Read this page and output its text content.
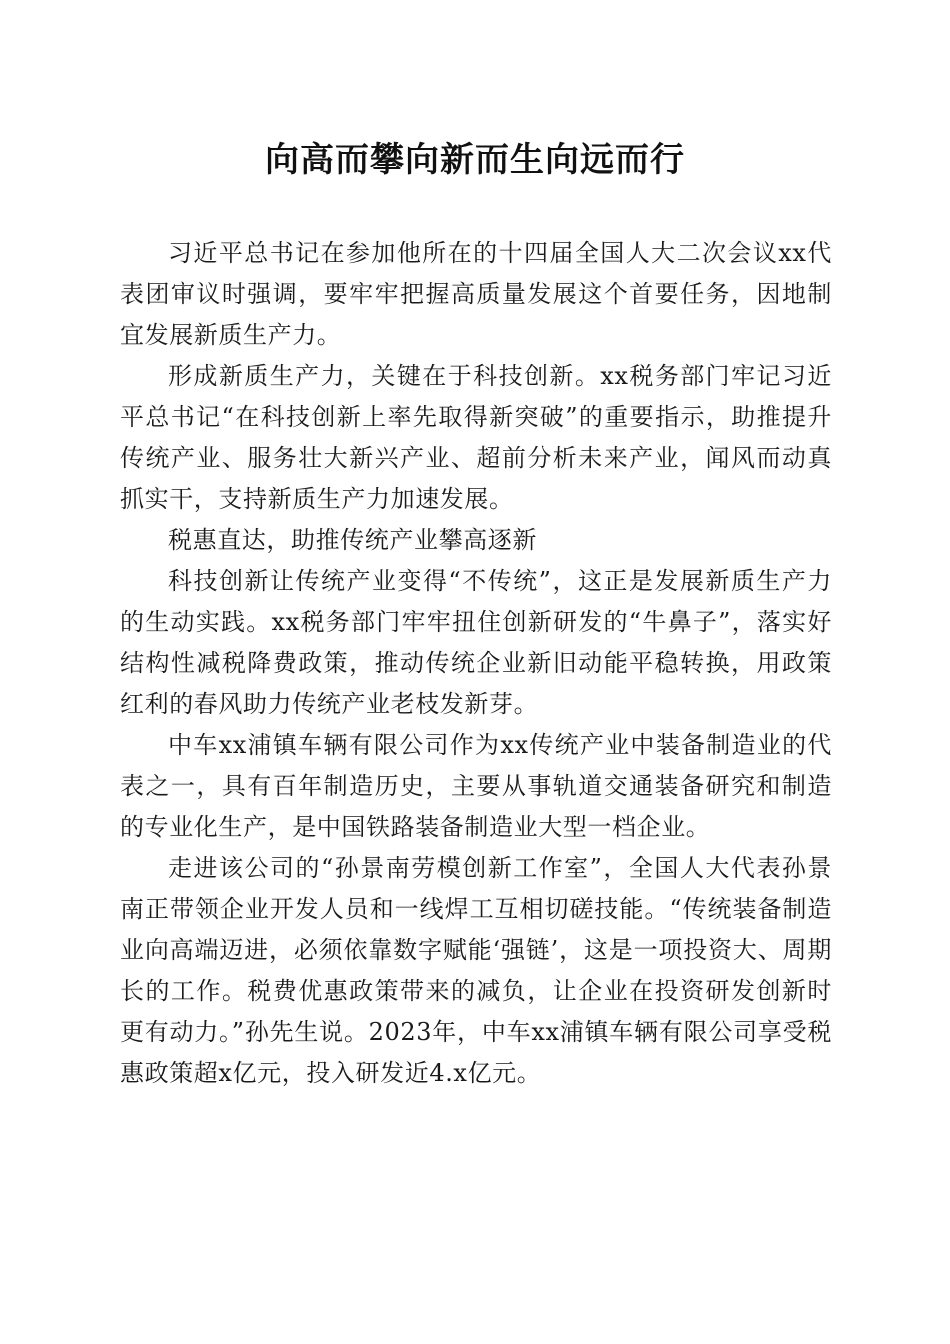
向高而攀向新而生向远而行

习近平总书记在参加他所在的十四届全国人大二次会议xx代表团审议时强调，要牢牢把握高质量发展这个首要任务，因地制宜发展新质生产力。

形成新质生产力，关键在于科技创新。xx税务部门牢记习近平总书记“在科技创新上率先取得新突破”的重要指示，助推提升传统产业、服务壮大新兴产业、超前分析未来产业，闻风而动真抓实干，支持新质生产力加速发展。

税惠直达，助推传统产业攀高逐新

科技创新让传统产业变得“不传统”，这正是发展新质生产力的生动实践。xx税务部门牢牢扭住创新研发的“牛鼻子”，落实好结构性减税降费政策，推动传统企业新旧动能平稳转换，用政策红利的春风助力传统产业老枝发新芽。

中车xx浦镇车辆有限公司作为xx传统产业中装备制造业的代表之一，具有百年制造历史，主要从事轨道交通装备研究和制造的专业化生产，是中国铁路装备制造业大型一档企业。

走进该公司的“孙景南劳模创新工作室”，全国人大代表孙景南正带领企业开发人员和一线焊工互相切磋技能。“传统装备制造业向高端迈进，必须依靠数字赋能‘强链’，这是一项投资大、周期长的工作。税费优惠政策带来的减负，让企业在投资研发创新时更有动力。”孙先生说。2023年，中车xx浦镇车辆有限公司享受税惠政策超x亿元，投入研发近4.x亿元。
